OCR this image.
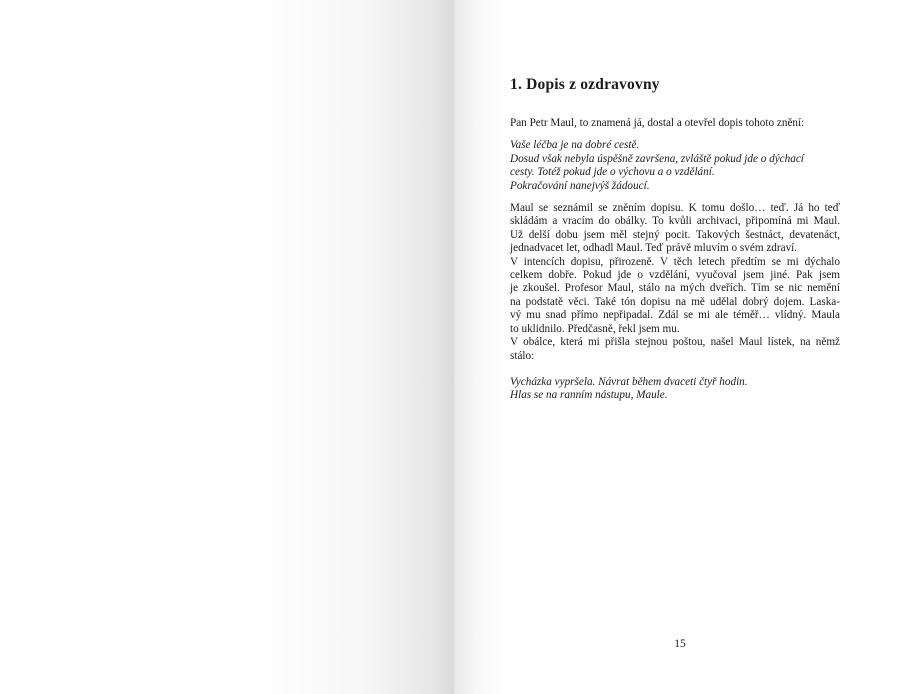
1. Dopis z ozdravovny

Pan Petr Maul, to znamená já, dostal a otevřel dopis tohoto znění:

Vaše léčba je na dobré cestě.
Dosud však nebyla úspěšně završena, zvláště pokud jde o dýchací
cesty. Totéž pokud jde o výchovu a o vzdělání.
Pokračování nanejvýš žádoucí.

Maul se seznámil se zněním dopisu. K tomu došlo… teď. Já ho teď
skládám a vracím do obálky. To kvůli archivaci, připomíná mi Maul.
Už delší dobu jsem měl stejný pocit. Takových šestnáct, devatenáct,
jednadvacet let, odhadl Maul. Teď právě mluvím o svém zdraví.
V intencích dopisu, přirozeně. V těch letech předtím se mi dýchalo
celkem dobře. Pokud jde o vzdělání, vyučoval jsem jiné. Pak jsem
je zkoušel. Profesor Maul, stálo na mých dveřích. Tím se nic nemění
na podstatě věci. Také tón dopisu na mě udělal dobrý dojem. Laska-
vý mu snad přímo nepřipadal. Zdál se mi ale téměř… vlídný. Maula
to uklidnilo. Předčasně, řekl jsem mu.
V obálce, která mi přišla stejnou poštou, našel Maul lístek, na němž
stálo:

Vycházka vypršela. Návrat během dvaceti čtyř hodin.
Hlas se na ranním nástupu, Maule.

15
